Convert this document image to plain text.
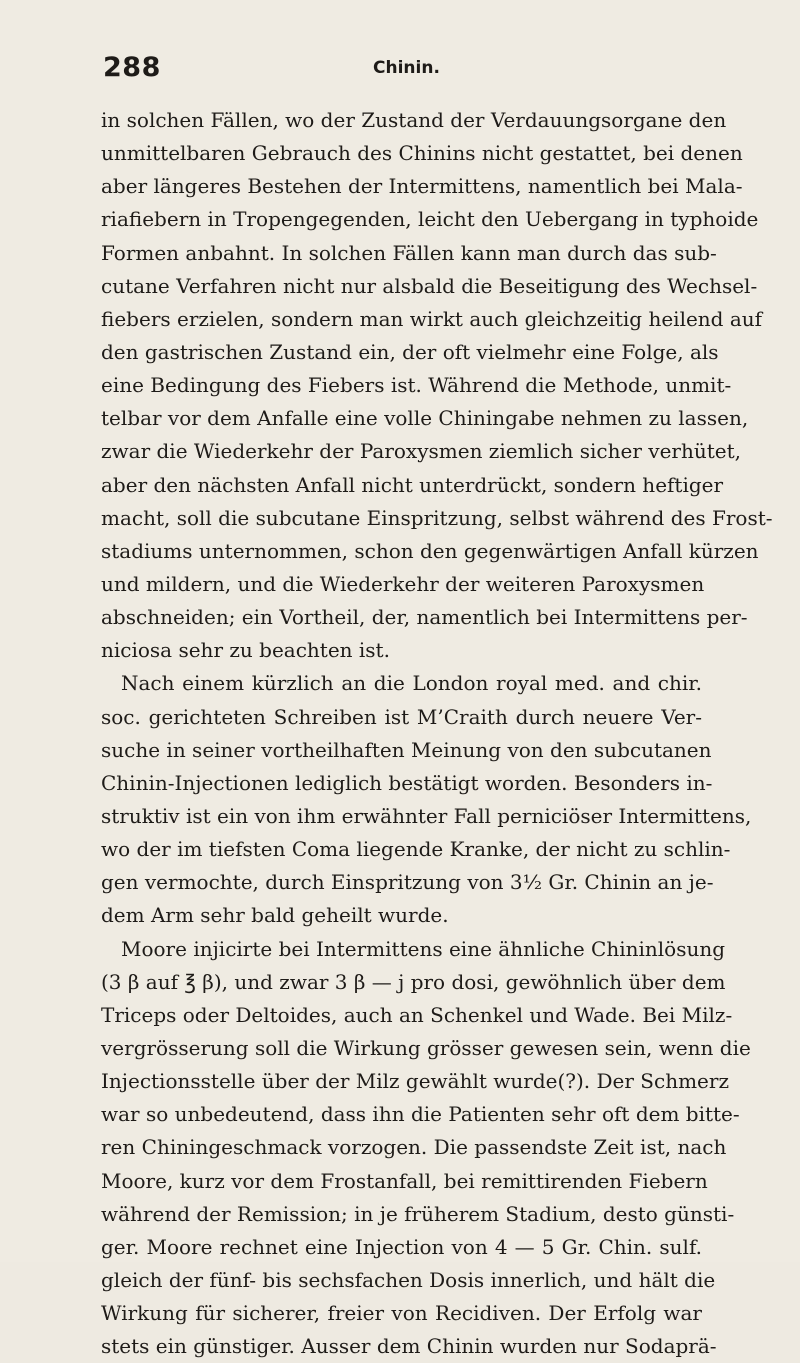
288	Chinin.
in solchen Fällen, wo der Zustand der Verdauungsorgane den
unmittelbaren Gebrauch des Chinins nicht gestattet, bei denen
aber längeres Bestehen der Intermittens, namentlich bei Mala-
riafiebern in Tropengegenden, leicht den Uebergang in typhoide
Formen anbahnt. In solchen Fällen kann man durch das sub-
cutane Verfahren nicht nur alsbald die Beseitigung des Wechsel-
fiebers erzielen, sondern man wirkt auch gleichzeitig heilend auf
den gastrischen Zustand ein, der oft vielmehr eine Folge, als
eine Bedingung des Fiebers ist. Während die Methode, unmit-
telbar vor dem Anfalle eine volle Chiningabe nehmen zu lassen,
zwar die Wiederkehr der Paroxysmen ziemlich sicher verhütet,
aber den nächsten Anfall nicht unterdrückt, sondern heftiger
macht, soll die subcutane Einspritzung, selbst während des Frost-
stadiums unternommen, schon den gegenwärtigen Anfall kürzen
und mildern, und die Wiederkehr der weiteren Paroxysmen
abschneiden; ein Vortheil, der, namentlich bei Intermittens per-
niciosa sehr zu beachten ist.
Nach einem kürzlich an die London royal med. and chir.
soc. gerichteten Schreiben ist M’Craith durch neuere Ver-
suche in seiner vortheilhaften Meinung von den subcutanen
Chinin-Injectionen lediglich bestätigt worden. Besonders in-
struktiv ist ein von ihm erwähnter Fall perniciöser Intermittens,
wo der im tiefsten Coma liegende Kranke, der nicht zu schlin-
gen vermochte, durch Einspritzung von 3½ Gr. Chinin an je-
dem Arm sehr bald geheilt wurde.
Moore injicirte bei Intermittens eine ähnliche Chininlösung
(3 β auf ℥ β), und zwar 3 β — j pro dosi, gewöhnlich über dem
Triceps oder Deltoides, auch an Schenkel und Wade. Bei Milz-
vergrösserung soll die Wirkung grösser gewesen sein, wenn die
Injectionsstelle über der Milz gewählt wurde(?). Der Schmerz
war so unbedeutend, dass ihn die Patienten sehr oft dem bitte-
ren Chiningeschmack vorzogen. Die passendste Zeit ist, nach
Moore, kurz vor dem Frostanfall, bei remittirenden Fiebern
während der Remission; in je früherem Stadium, desto günsti-
ger. Moore rechnet eine Injection von 4 — 5 Gr. Chin. sulf.
gleich der fünf- bis sechsfachen Dosis innerlich, und hält die
Wirkung für sicherer, freier von Recidiven. Der Erfolg war
stets ein günstiger. Ausser dem Chinin wurden nur Sodaprä-
